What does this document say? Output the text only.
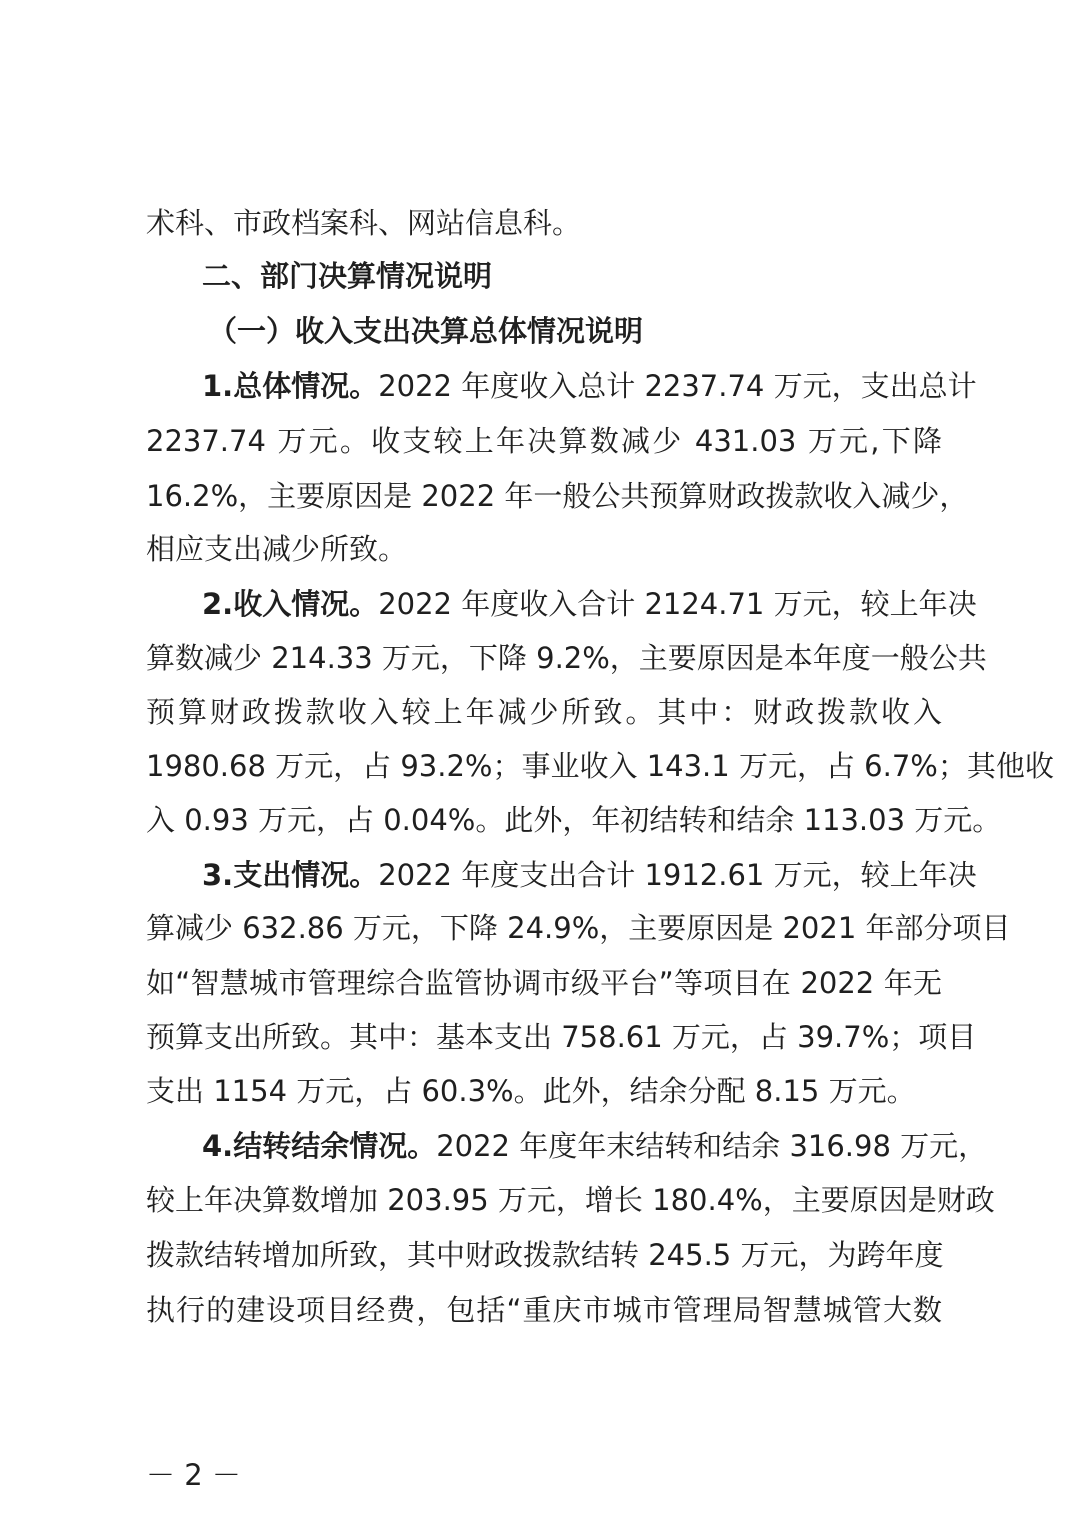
术科、市政档案科、网站信息科。
二、部门决算情况说明
（一）收入支出决算总体情况说明
1.总体情况。2022 年度收入总计 2237.74 万元，支出总计
2237.74 万元。收支较上年决算数减少 431.03 万元,下降
16.2%，主要原因是 2022 年一般公共预算财政拨款收入减少，
相应支出减少所致。
2.收入情况。2022 年度收入合计 2124.71 万元，较上年决
算数减少 214.33 万元，下降 9.2%，主要原因是本年度一般公共
预算财政拨款收入较上年减少所致。其中：财政拨款收入
1980.68 万元，占 93.2%；事业收入 143.1 万元，占 6.7%；其他收
入 0.93 万元，占 0.04%。此外，年初结转和结余 113.03 万元。
3.支出情况。2022 年度支出合计 1912.61 万元，较上年决
算减少 632.86 万元，下降 24.9%，主要原因是 2021 年部分项目
如“智慧城市管理综合监管协调市级平台”等项目在 2022 年无
预算支出所致。其中：基本支出 758.61 万元，占 39.7%；项目
支出 1154 万元，占 60.3%。此外，结余分配 8.15 万元。
4.结转结余情况。2022 年度年末结转和结余 316.98 万元，
较上年决算数增加 203.95 万元，增长 180.4%，主要原因是财政
拨款结转增加所致，其中财政拨款结转 245.5 万元，为跨年度
执行的建设项目经费，包括“重庆市城市管理局智慧城管大数
－ 2 －
